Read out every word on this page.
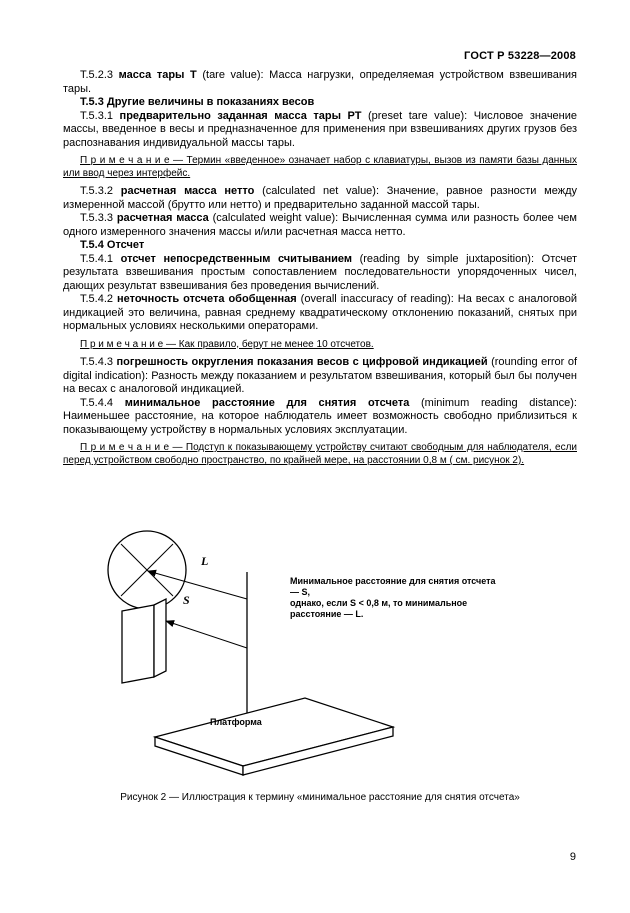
ГОСТ Р 53228—2008

Т.5.2.3 масса тары Т (tare value): Масса нагрузки, определяемая устройством взвешивания тары.

Т.5.3 Другие величины в показаниях весов

Т.5.3.1 предварительно заданная масса тары РТ (preset tare value): Числовое значение массы, введенное в весы и предназначенное для применения при взвешиваниях других грузов без распознавания индивидуальной массы тары.

П р и м е ч а н и е — Термин «введенное» означает набор с клавиатуры, вызов из памяти базы данных или ввод через интерфейс.

Т.5.3.2 расчетная масса нетто (calculated net value): Значение, равное разности между измеренной массой (брутто или нетто) и предварительно заданной массой тары.

Т.5.3.3 расчетная масса (calculated weight value): Вычисленная сумма или разность более чем одного измеренного значения массы и/или расчетная масса нетто.

Т.5.4 Отсчет

Т.5.4.1 отсчет непосредственным считыванием (reading by simple juxtaposition): Отсчет результата взвешивания простым сопоставлением последовательности упорядоченных чисел, дающих результат взвешивания без проведения вычислений.

Т.5.4.2 неточность отсчета обобщенная (overall inaccuracy of reading): На весах с аналоговой индикацией это величина, равная среднему квадратическому отклонению показаний, снятых при нормальных условиях несколькими операторами.

П р и м е ч а н и е — Как правило, берут не менее 10 отсчетов.

Т.5.4.3 погрешность округления показания весов с цифровой индикацией (rounding error of digital indication): Разность между показанием и результатом взвешивания, который был бы получен на весах с аналоговой индикацией.

Т.5.4.4 минимальное расстояние для снятия отсчета (minimum reading distance): Наименьшее расстояние, на которое наблюдатель имеет возможность свободно приблизиться к показывающему устройству в нормальных условиях эксплуатации.

П р и м е ч а н и е — Подступ к показывающему устройству считают свободным для наблюдателя, если перед устройством свободно пространство, по крайней мере, на расстоянии 0,8 м ( см. рисунок 2).

L
S
Платформа
Минимальное расстояние для снятия отсчета — S,
однако, если S < 0,8 м, то минимальное расстояние — L.
Рисунок 2 — Иллюстрация к термину «минимальное расстояние для снятия отсчета»
9
